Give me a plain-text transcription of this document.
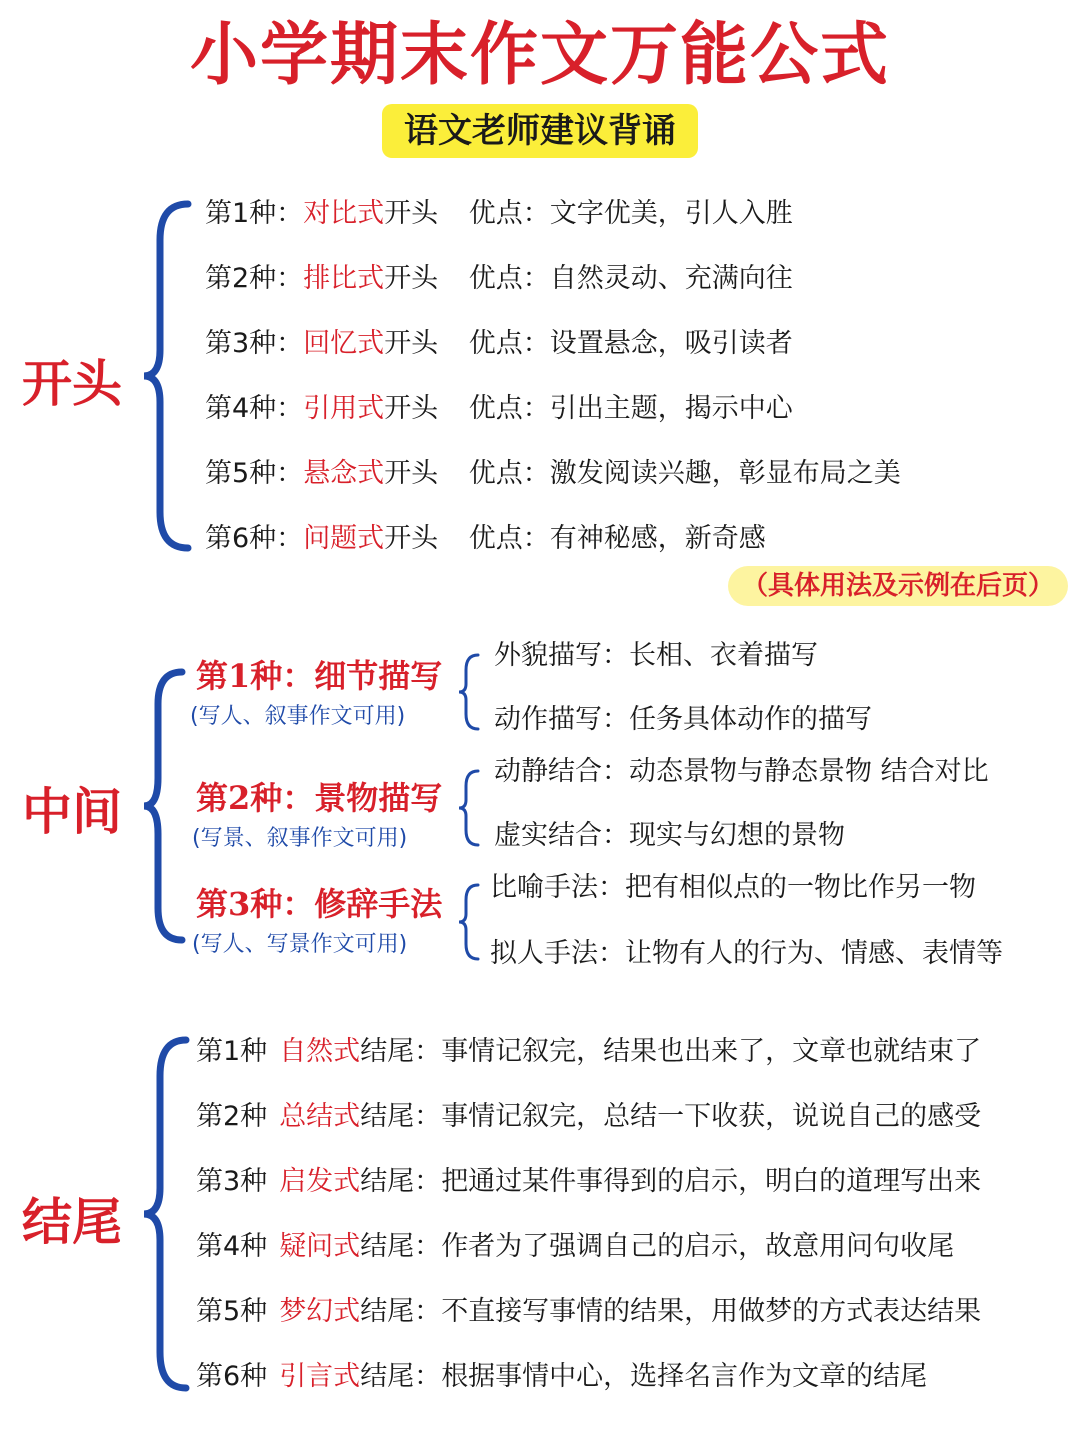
小学期末作文万能公式
语文老师建议背诵
开头
第1种：对比式开头 优点：文字优美，引人入胜
第2种：排比式开头 优点：自然灵动、充满向往
第3种：回忆式开头 优点：设置悬念，吸引读者
第4种：引用式开头 优点：引出主题，揭示中心
第5种：悬念式开头 优点：激发阅读兴趣，彰显布局之美
第6种：问题式开头 优点：有神秘感，新奇感
（具体用法及示例在后页）
中间
第1种：细节描写
(写人、叙事作文可用)
外貌描写：长相、衣着描写
动作描写：任务具体动作的描写
第2种：景物描写
(写景、叙事作文可用)
动静结合：动态景物与静态景物 结合对比
虚实结合：现实与幻想的景物
第3种：修辞手法
(写人、写景作文可用)
比喻手法：把有相似点的一物比作另一物
拟人手法：让物有人的行为、情感、表情等
结尾
第1种 自然式结尾：事情记叙完，结果也出来了，文章也就结束了
第2种 总结式结尾：事情记叙完，总结一下收获，说说自己的感受
第3种 启发式结尾：把通过某件事得到的启示，明白的道理写出来
第4种 疑问式结尾：作者为了强调自己的启示，故意用问句收尾
第5种 梦幻式结尾：不直接写事情的结果，用做梦的方式表达结果
第6种 引言式结尾：根据事情中心，选择名言作为文章的结尾
